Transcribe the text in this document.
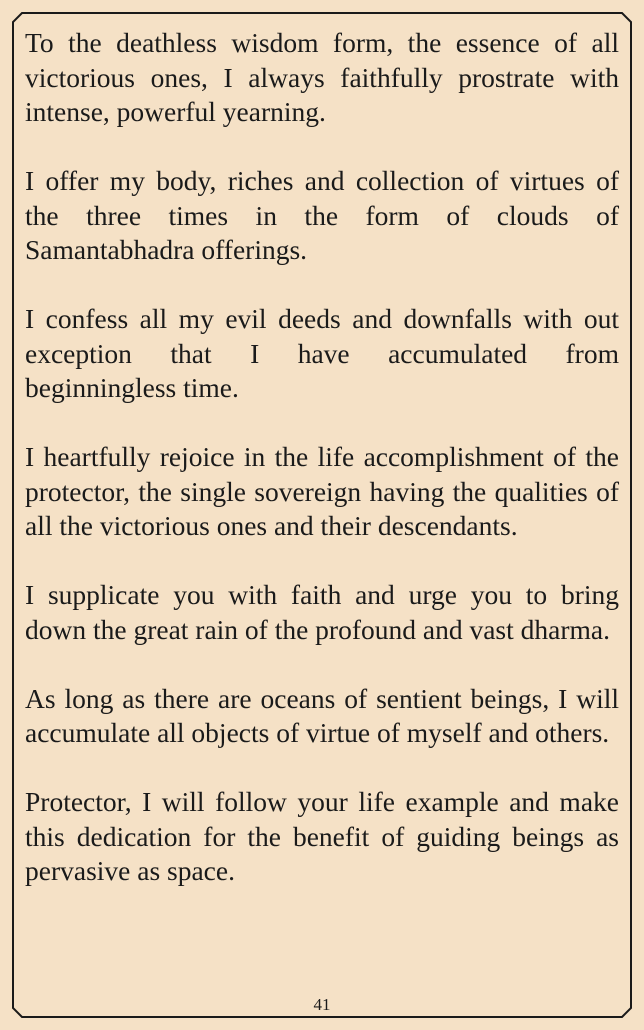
To the deathless wisdom form, the essence of all victorious ones, I always faithfully prostrate with intense, powerful yearning.

I offer my body, riches and collection of virtues of the three times in the form of clouds of Samantabhadra offerings.

I confess all my evil deeds and downfalls with out exception that I have accumulated from beginningless time.

I heartfully rejoice in the life accomplishment of the protector, the single sovereign having the qualities of all the victorious ones and their descendants.

I supplicate you with faith and urge you to bring down the great rain of the profound and vast dharma.

As long as there are oceans of sentient beings, I will accumulate all objects of virtue of myself and others.

Protector, I will follow your life example and make this dedication for the benefit of guiding beings as pervasive as space.

41
